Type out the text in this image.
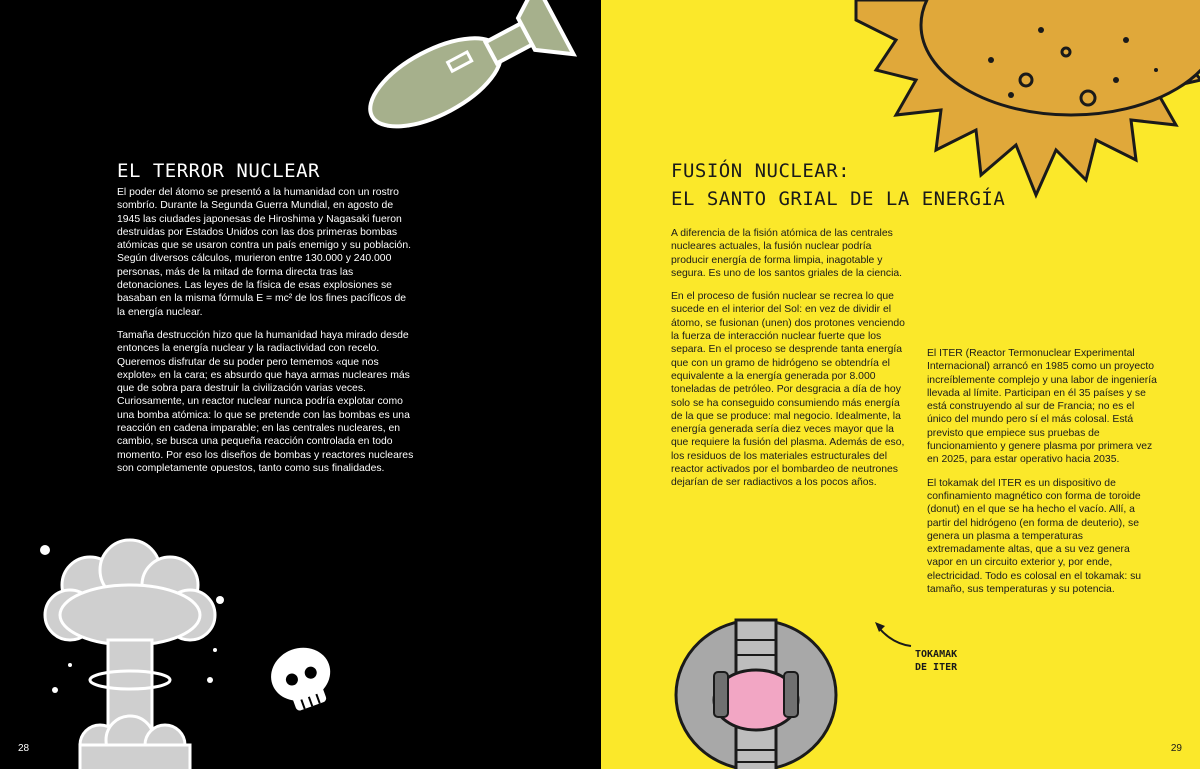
EL TERROR NUCLEAR

El poder del átomo se presentó a la humanidad con un rostro sombrío. Durante la Segunda Guerra Mundial, en agosto de 1945 las ciudades japonesas de Hiroshima y Nagasaki fueron destruidas por Estados Unidos con las dos primeras bombas atómicas que se usaron contra un país enemigo y su población. Según diversos cálculos, murieron entre 130.000 y 240.000 personas, más de la mitad de forma directa tras las detonaciones. Las leyes de la física de esas explosiones se basaban en la misma fórmula E = mc² de los fines pacíficos de la energía nuclear.

Tamaña destrucción hizo que la humanidad haya mirado desde entonces la energía nuclear y la radiactividad con recelo. Queremos disfrutar de su poder pero tememos «que nos explote» en la cara; es absurdo que haya armas nucleares más que de sobra para destruir la civilización varias veces. Curiosamente, un reactor nuclear nunca podría explotar como una bomba atómica: lo que se pretende con las bombas es una reacción en cadena imparable; en las centrales nucleares, en cambio, se busca una pequeña reacción controlada en todo momento. Por eso los diseños de bombas y reactores nucleares son completamente opuestos, tanto como sus finalidades.

28
FUSIÓN NUCLEAR:
EL SANTO GRIAL DE LA ENERGÍA

A diferencia de la fisión atómica de las centrales nucleares actuales, la fusión nuclear podría producir energía de forma limpia, inagotable y segura. Es uno de los santos griales de la ciencia.

En el proceso de fusión nuclear se recrea lo que sucede en el interior del Sol: en vez de dividir el átomo, se fusionan (unen) dos protones venciendo la fuerza de interacción nuclear fuerte que los separa. En el proceso se desprende tanta energía que con un gramo de hidrógeno se obtendría el equivalente a la energía generada por 8.000 toneladas de petróleo. Por desgracia a día de hoy solo se ha conseguido consumiendo más energía de la que se produce: mal negocio. Idealmente, la energía generada sería diez veces mayor que la que requiere la fusión del plasma. Además de eso, los residuos de los materiales estructurales del reactor activados por el bombardeo de neutrones dejarían de ser radiactivos a los pocos años.

El ITER (Reactor Termonuclear Experimental Internacional) arrancó en 1985 como un proyecto increíblemente complejo y una labor de ingeniería llevada al límite. Participan en él 35 países y se está construyendo al sur de Francia; no es el único del mundo pero sí el más colosal. Está previsto que empiece sus pruebas de funcionamiento y genere plasma por primera vez en 2025, para estar operativo hacia 2035.

El tokamak del ITER es un dispositivo de confinamiento magnético con forma de toroide (donut) en el que se ha hecho el vacío. Allí, a partir del hidrógeno (en forma de deuterio), se genera un plasma a temperaturas extremadamente altas, que a su vez genera vapor en un circuito exterior y, por ende, electricidad. Todo es colosal en el tokamak: su tamaño, sus temperaturas y su potencia.

TOKAMAK
DE ITER
29
